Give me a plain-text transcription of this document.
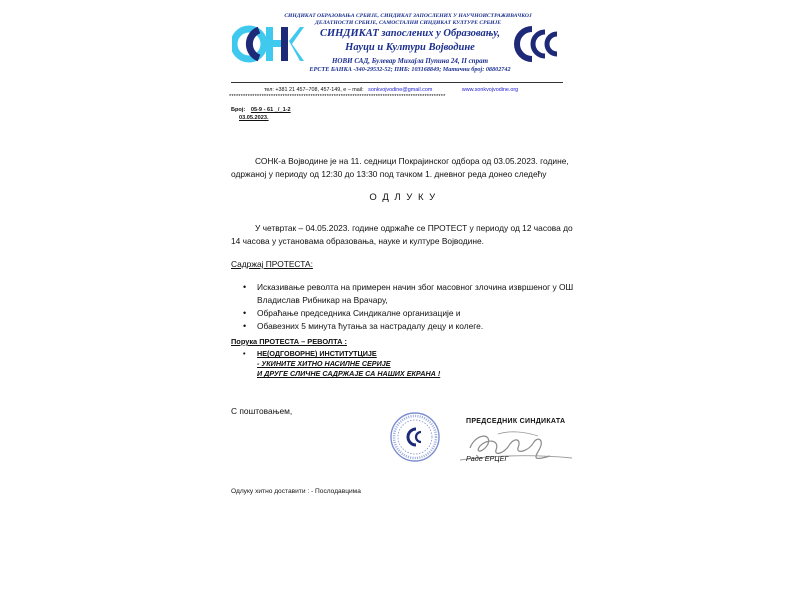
СИНДИКАТ ОБРАЗОВАЊА СРБИЈЕ, СИНДИКАТ ЗАПОСЛЕНИХ У НАУЧНОИСТРАЖИВАЧКОЈ
ДЕЛАТНОСТИ СРБИЈЕ, САМОСТАЛНИ СИНДИКАТ КУЛТУРЕ СРБИЈЕ
СИНДИКАТ запослених у Образовању,
Науци и Култури Војводине
НОВИ САД, Булевар Михајла Пупина 24, II спрат
ЕРСТЕ БАНКА -340-29532-52; ПИБ: 103168849; Матични број: 08802742
тел: +381 21 457–708, 457-149, е – mail: sonkvojvodine@gmail.com	www.sonkvojvodine.org
*********************************************************************************************
Број: 05-9 - 61 _/_1-2
03.05.2023.
СОНК-а Војводине је на 11. седници Покрајинског одбора од 03.05.2023. године, одржаној у периоду од 12:30 до 13:30 под тачком 1. дневног реда донео следећу
О Д Л У К У
У четвртак – 04.05.2023. године одржаће се ПРОТЕСТ у периоду од 12 часова до 14 часова у установама образовања, науке и културе Војводине.
Садржај ПРОТЕСТА:
• Исказивање револта на примерен начин због масовног злочина извршеног у ОШ Владислав Рибникар на Врачару,
• Обраћање председника Синдикалне организације и
• Обавезних 5 минута ћутања за настрадалу децу и колеге.
Порука ПРОТЕСТА – РЕВОЛТА :
• НЕ(ОДГОВОРНЕ) ИНСТИТУТЦИЈЕ
- УКИНИТЕ ХИТНО НАСИЛНЕ СЕРИЈЕ
И ДРУГЕ СЛИЧНЕ САДРЖАЈЕ СА НАШИХ ЕКРАНА !
С поштовањем,
ПРЕДСЕДНИК СИНДИКАТА
Раде ЕРЦЕГ
Одлуку хитно доставити : - Послодавцима
